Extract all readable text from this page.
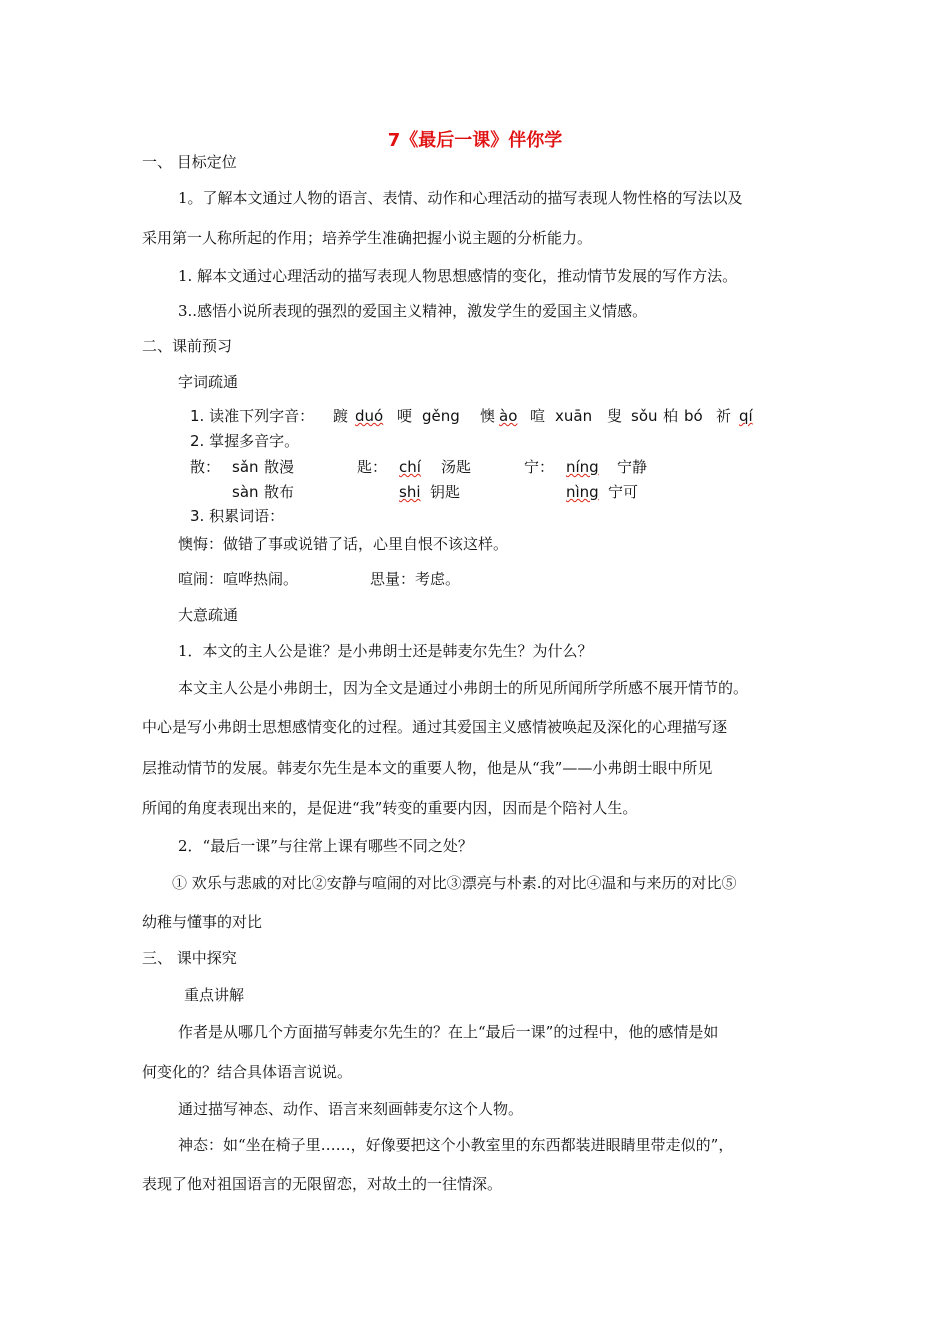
7《最后一课》伴你学
一、 目标定位
1。了解本文通过人物的语言、表情、动作和心理活动的描写表现人物性格的写法以及
采用第一人称所起的作用；培养学生准确把握小说主题的分析能力。
1. 解本文通过心理活动的描写表现人物思想感情的变化，推动情节发展的写作方法。
3..感悟小说所表现的强烈的爱国主义精神，激发学生的爱国主义情感。
二、课前预习
字词疏通
1. 读准下列字音： 踱 duó 哽 gěng 懊 ào 喧 xuān 叟 sǒu 柏 bó 祈 qí
2. 掌握多音字。
散： sǎn 散漫	匙： chí 汤匙	宁： níng 宁静
sàn 散布	shi 钥匙	nìng 宁可
3. 积累词语：
懊悔：做错了事或说错了话，心里自恨不该这样。
喧闹：喧哗热闹。	思量：考虑。
大意疏通
1．本文的主人公是谁？是小弗朗士还是韩麦尔先生？为什么？
本文主人公是小弗朗士，因为全文是通过小弗朗士的所见所闻所学所感不展开情节的。
中心是写小弗朗士思想感情变化的过程。通过其爱国主义感情被唤起及深化的心理描写逐
层推动情节的发展。韩麦尔先生是本文的重要人物，他是从“我”——小弗朗士眼中所见
所闻的角度表现出来的，是促进“我”转变的重要内因，因而是个陪衬人生。
2．“最后一课”与往常上课有哪些不同之处？
① 欢乐与悲戚的对比②安静与喧闹的对比③漂亮与朴素.的对比④温和与来历的对比⑤
幼稚与懂事的对比
三、 课中探究
重点讲解
作者是从哪几个方面描写韩麦尔先生的？在上“最后一课”的过程中，他的感情是如
何变化的？结合具体语言说说。
通过描写神态、动作、语言来刻画韩麦尔这个人物。
神态：如“坐在椅子里……，好像要把这个小教室里的东西都装进眼睛里带走似的”，
表现了他对祖国语言的无限留恋，对故土的一往情深。
